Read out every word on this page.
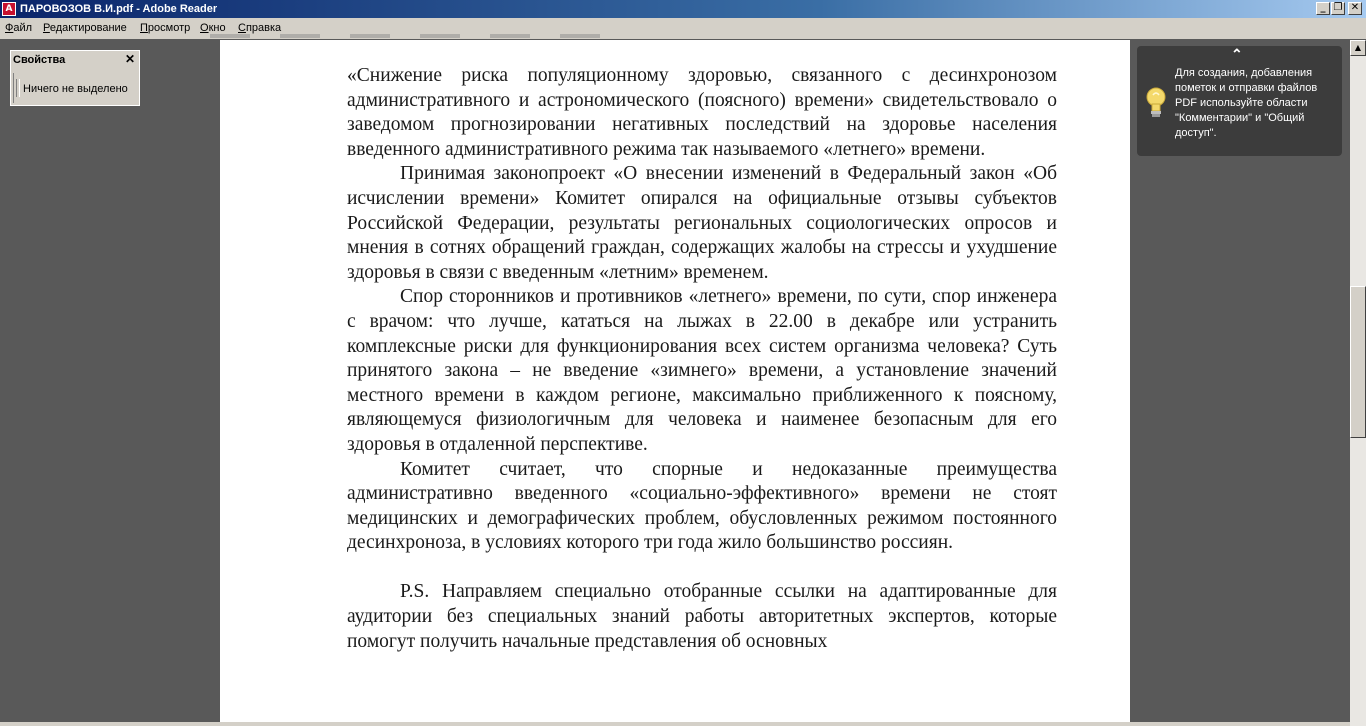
A ПАРОВОЗОВ В.И.pdf - Adobe Reader	_ ❐ ✕
Файл Редактирование Просмотр Окно Справка
Свойства	✕
Ничего не выделено

«Снижение риска популяционному здоровью, связанного с десинхронозом административного и астрономического (поясного) времени» свидетельствовало о заведомом прогнозировании негативных последствий на здоровье населения введенного административного режима так называемого «летнего» времени.

Принимая законопроект «О внесении изменений в Федеральный закон «Об исчислении времени» Комитет опирался на официальные отзывы субъектов Российской Федерации, результаты региональных социологических опросов и мнения в сотнях обращений граждан, содержащих жалобы на стрессы и ухудшение здоровья в связи с введенным «летним» временем.

Спор сторонников и противников «летнего» времени, по сути, спор инженера с врачом: что лучше, кататься на лыжах в 22.00 в декабре или устранить комплексные риски для функционирования всех систем организма человека? Суть принятого закона – не введение «зимнего» времени, а установление значений местного времени в каждом регионе, максимально приближенного к поясному, являющемуся физиологичным для человека и наименее безопасным для его здоровья в отдаленной перспективе.

Комитет считает, что спорные и недоказанные преимущества административно введенного «социально-эффективного» времени не стоят медицинских и демографических проблем, обусловленных режимом постоянного десинхроноза, в условиях которого три года жило большинство россиян.

P.S. Направляем специально отобранные ссылки на адаптированные для аудитории без специальных знаний работы авторитетных экспертов, которые помогут получить начальные представления об основных

▲
⌃
Для создания, добавления пометок и отправки файлов PDF используйте области "Комментарии" и "Общий доступ".
